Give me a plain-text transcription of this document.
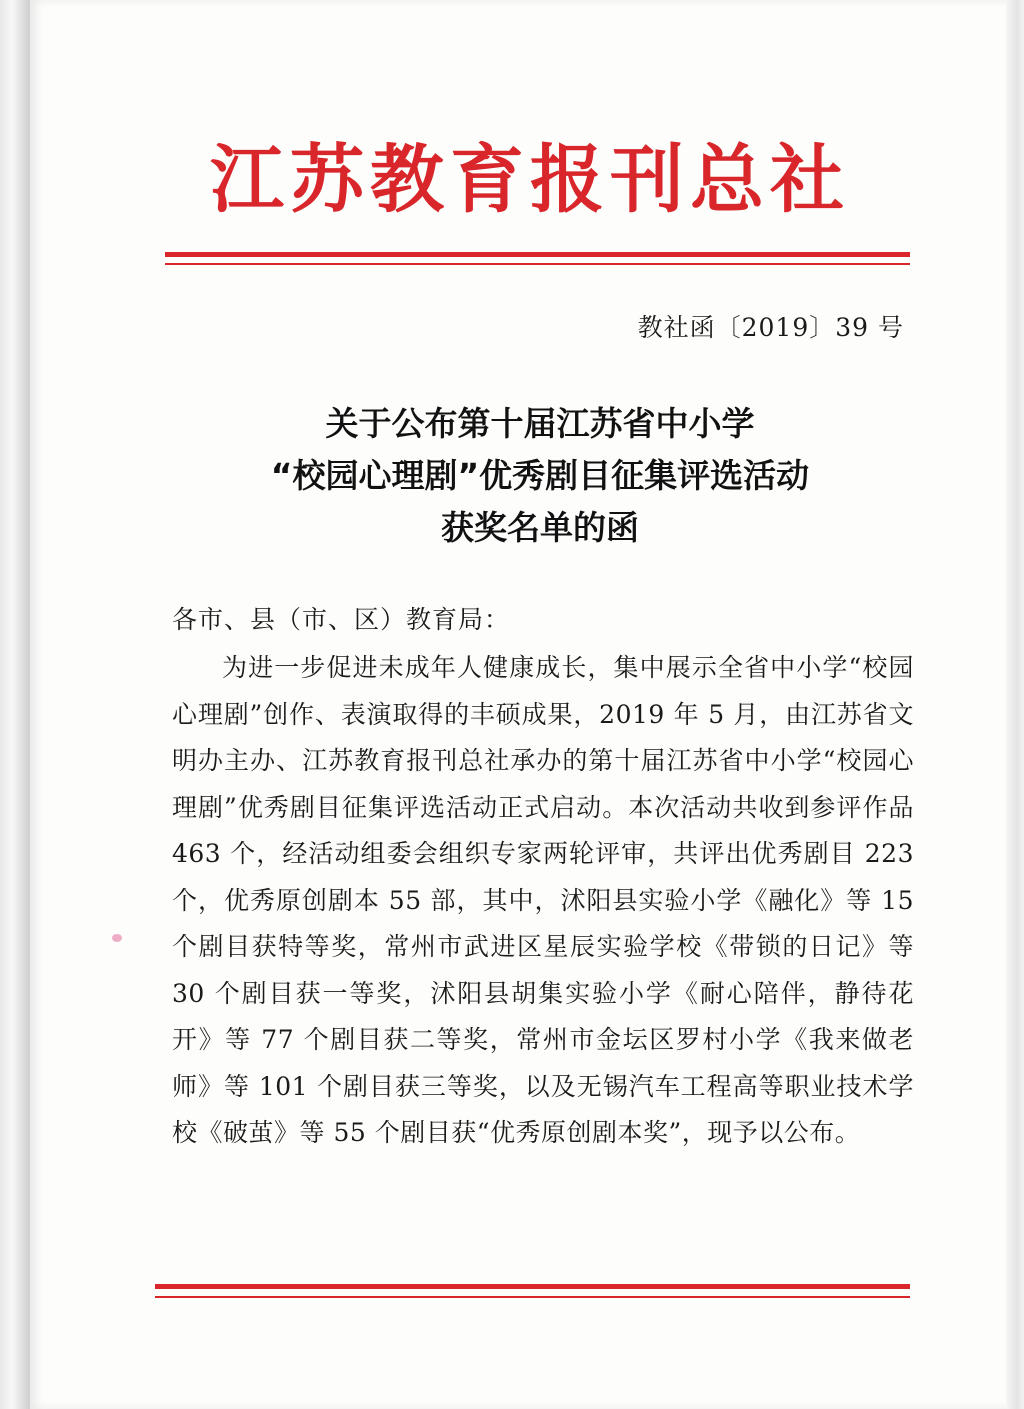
江苏教育报刊总社
教社函〔2019〕39 号
关于公布第十届江苏省中小学
“校园心理剧”优秀剧目征集评选活动
获奖名单的函
各市、县（市、区）教育局：

为进一步促进未成年人健康成长，集中展示全省中小学“校园心理剧”创作、表演取得的丰硕成果，2019 年 5 月，由江苏省文明办主办、江苏教育报刊总社承办的第十届江苏省中小学“校园心理剧”优秀剧目征集评选活动正式启动。本次活动共收到参评作品 463 个，经活动组委会组织专家两轮评审，共评出优秀剧目 223 个，优秀原创剧本 55 部，其中，沭阳县实验小学《融化》等 15 个剧目获特等奖，常州市武进区星辰实验学校《带锁的日记》等 30 个剧目获一等奖，沭阳县胡集实验小学《耐心陪伴，静待花开》等 77 个剧目获二等奖，常州市金坛区罗村小学《我来做老师》等 101 个剧目获三等奖，以及无锡汽车工程高等职业技术学校《破茧》等 55 个剧目获“优秀原创剧本奖”，现予以公布。
